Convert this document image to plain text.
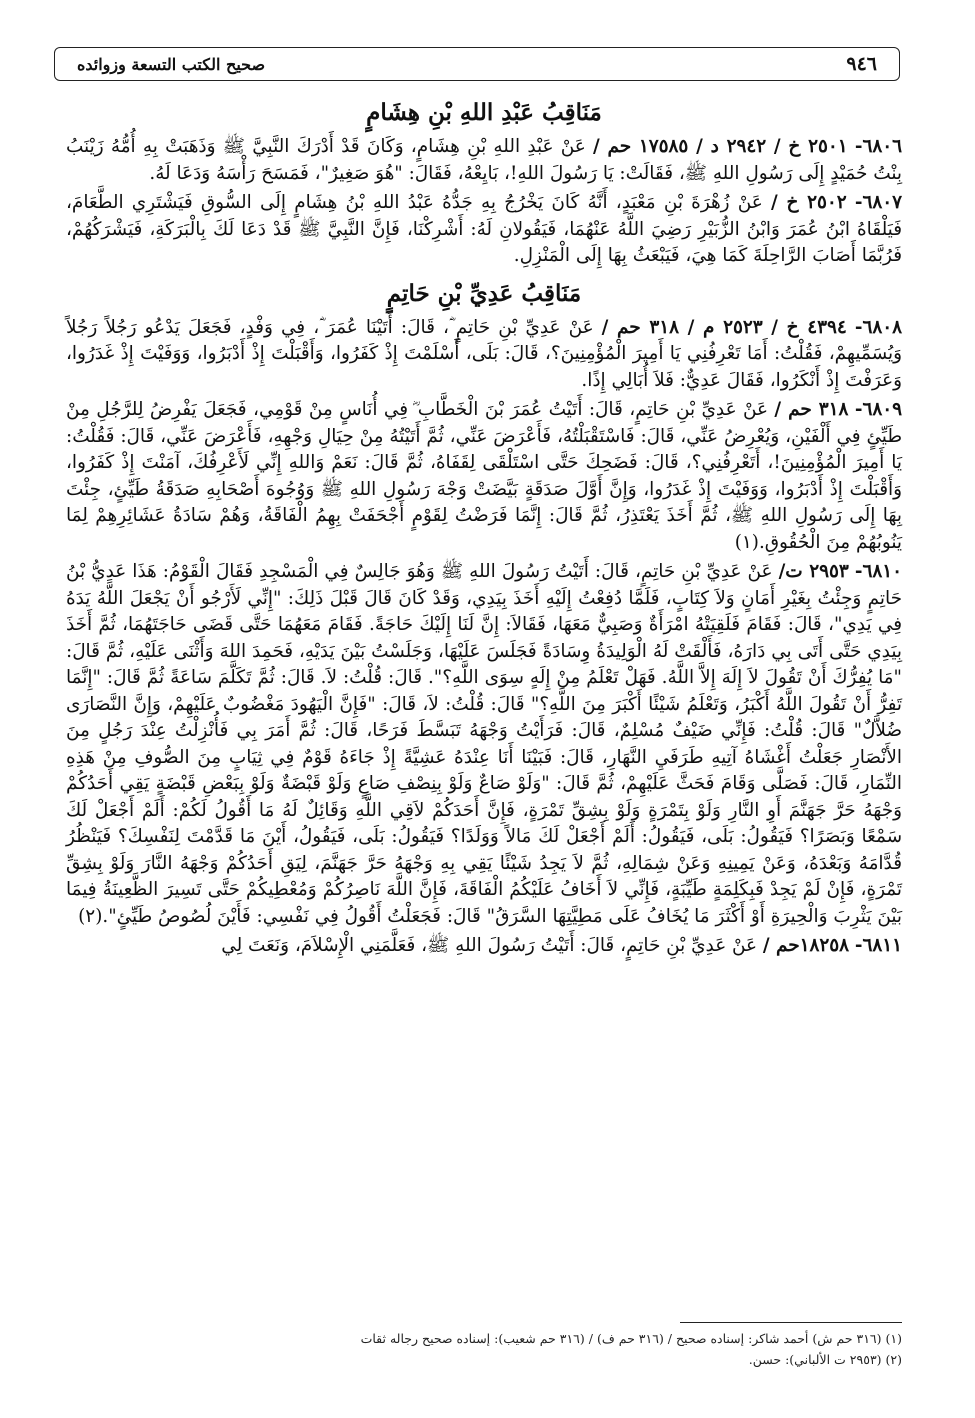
٩٤٦
صحيح الكتب التسعة وزوائده
مَنَاقِبُ عَبْدِ اللهِ بْنِ هِشَامٍ

٦٨٠٦- ٢٥٠١ خ / ٢٩٤٢ د / ١٧٥٨٥ حم / عَنْ عَبْدِ اللهِ بْنِ هِشَامٍ، وَكَانَ قَدْ أَدْرَكَ النَّبِيَّ ﷺ وَذَهَبَتْ بِهِ أُمُّهُ زَيْنَبُ بِنْتُ حُمَيْدٍ إِلَى رَسُولِ اللهِ ﷺ، فَقَالَتْ: يَا رَسُولَ اللهِ!، بَايِعْهُ، فَقَالَ: "هُوَ صَغِيرٌ"، فَمَسَحَ رَأْسَهُ وَدَعَا لَهُ.

٦٨٠٧- ٢٥٠٢ خ / عَنْ زُهْرَةَ بْنِ مَعْبَدٍ، أَنَّهُ كَانَ يَخْرُجُ بِهِ جَدُّهُ عَبْدُ اللهِ بْنُ هِشَامٍ إِلَى السُّوقِ فَيَشْتَرِي الطَّعَامَ، فَيَلْقَاهُ ابْنُ عُمَرَ وَابْنُ الزُّبَيْرِ رَضِيَ اللَّهُ عَنْهُمَا، فَيَقُولانِ لَهُ: أَشْرِكْنَا، فَإِنَّ النَّبِيَّ ﷺ قَدْ دَعَا لَكَ بِالْبَرَكَةِ، فَيَشْرَكُهُمْ، فَرُبَّمَا أَصَابَ الرَّاحِلَةَ كَمَا هِيَ، فَيَبْعَثُ بِهَا إِلَى الْمَنْزِلِ.

مَنَاقِبُ عَدِيِّ بْنِ حَاتِمٍ

٦٨٠٨- ٤٣٩٤ خ / ٢٥٢٣ م / ٣١٨ حم / عَنْ عَدِيِّ بْنِ حَاتِمٍ ؓ، قَالَ: أَتَيْنَا عُمَرَ ؓ، فِي وَفْدٍ، فَجَعَلَ يَدْعُو رَجُلاً رَجُلاً وَيُسَمِّيهِمْ، فَقُلْتُ: أَمَا تَعْرِفُنِي يَا أَمِيرَ الْمُؤْمِنِينَ؟، قَالَ: بَلَى، أَسْلَمْتَ إِذْ كَفَرُوا، وَأَقْبَلْتَ إِذْ أَدْبَرُوا، وَوَفَيْتَ إِذْ غَدَرُوا، وَعَرَفْتَ إِذْ أَنْكَرُوا، فَقَالَ عَدِيٌّ: فَلاَ أُبَالِي إِذًا.

٦٨٠٩- ٣١٨ حم / عَنْ عَدِيِّ بْنِ حَاتِمٍ، قَالَ: أَتَيْتُ عُمَرَ بْنَ الْخَطَّابِ ؓ فِي أُنَاسٍ مِنْ قَوْمِي، فَجَعَلَ يَفْرِضُ لِلرَّجُلِ مِنْ طَيِّئٍ فِي أَلْفَيْنِ، وَيُعْرِضُ عَنِّي، قَالَ: فَاسْتَقْبَلْتُهُ، فَأَعْرَضَ عَنِّي، ثُمَّ أَتَيْتُهُ مِنْ حِيَالِ وَجْهِهِ، فَأَعْرَضَ عَنِّي، قَالَ: فَقُلْتُ: يَا أَمِيرَ الْمُؤْمِنِينَ!، أَتَعْرِفُنِي؟، قَالَ: فَضَحِكَ حَتَّى اسْتَلْقَى لِقَفَاهُ، ثُمَّ قَالَ: نَعَمْ وَاللهِ إِنِّي لَأَعْرِفُكَ، آمَنْتَ إِذْ كَفَرُوا، وَأَقْبَلْتَ إِذْ أَدْبَرُوا، وَوَفَيْتَ إِذْ غَدَرُوا، وَإِنَّ أَوَّلَ صَدَقَةٍ بَيَّضَتْ وَجْهَ رَسُولِ اللهِ ﷺ وَوُجُوهَ أَصْحَابِهِ صَدَقَةُ طَيِّئٍ، جِئْتَ بِهَا إِلَى رَسُولِ اللهِ ﷺ، ثُمَّ أَخَذَ يَعْتَذِرُ، ثُمَّ قَالَ: إِنَّمَا فَرَضْتُ لِقَوْمٍ أَجْحَفَتْ بِهِمُ الْفَاقَةُ، وَهُمْ سَادَةُ عَشَائِرِهِمْ لِمَا يَنُوبُهُمْ مِنَ الْحُقُوقِ.(١)

٦٨١٠- ٢٩٥٣ ت/ عَنْ عَدِيِّ بْنِ حَاتِمٍ، قَالَ: أَتَيْتُ رَسُولَ اللهِ ﷺ وَهُوَ جَالِسٌ فِي الْمَسْجِدِ فَقَالَ الْقَوْمُ: هَذَا عَدِيُّ بْنُ حَاتِمٍ وَجِئْتُ بِغَيْرِ أَمَانٍ وَلاَ كِتَابٍ، فَلَمَّا دُفِعْتُ إِلَيْهِ أَخَذَ بِيَدِي، وَقَدْ كَانَ قَالَ قَبْلَ ذَلِكَ: "إِنِّي لَأَرْجُو أَنْ يَجْعَلَ اللَّهُ يَدَهُ فِي يَدِي"، قَالَ: فَقَامَ فَلَقِيَتْهُ امْرَأَةٌ وَصَبِيٌّ مَعَهَا، فَقَالاَ: إِنَّ لَنَا إِلَيْكَ حَاجَةً. فَقَامَ مَعَهُمَا حَتَّى قَضَى حَاجَتَهُمَا، ثُمَّ أَخَذَ بِيَدِي حَتَّى أَتَى بِي دَارَهُ، فَأَلْقَتْ لَهُ الْوَلِيدَةُ وِسَادَةً فَجَلَسَ عَلَيْهَا، وَجَلَسْتُ بَيْنَ يَدَيْهِ، فَحَمِدَ اللهَ وَأَثْنَى عَلَيْهِ، ثُمَّ قَالَ: "مَا يُفِرُّكَ أَنْ تَقُولَ لاَ إِلَهَ إِلاَّ اللَّهُ. فَهَلْ تَعْلَمُ مِنْ إِلَهٍ سِوَى اللَّهِ؟". قَالَ: قُلْتُ: لاَ. قَالَ: ثُمَّ تَكَلَّمَ سَاعَةً ثُمَّ قَالَ: "إِنَّمَا تَفِرُّ أَنْ تَقُولَ اللَّهُ أَكْبَرُ، وَتَعْلَمُ شَيْئًا أَكْبَرَ مِنَ اللَّهِ؟" قَالَ: قُلْتُ: لاَ، قَالَ: "فَإِنَّ الْيَهُودَ مَغْضُوبٌ عَلَيْهِمْ، وَإِنَّ النَّصَارَى ضُلاَّلٌ" قَالَ: قُلْتُ: فَإِنِّي ضَيْفٌ مُسْلِمٌ، قَالَ: فَرَأَيْتُ وَجْهَهُ تَبَسَّطَ فَرَحًا، قَالَ: ثُمَّ أَمَرَ بِي فَأُنْزِلْتُ عِنْدَ رَجُلٍ مِنَ الأَنْصَارِ جَعَلْتُ أَغْشَاهُ آتِيهِ طَرَفَيِ النَّهَارِ، قَالَ: فَبَيْنَا أَنَا عِنْدَهُ عَشِيَّةً إِذْ جَاءَهُ قَوْمٌ فِي ثِيَابٍ مِنَ الصُّوفِ مِنْ هَذِهِ النِّمَارِ، قَالَ: فَصَلَّى وَقَامَ فَحَثَّ عَلَيْهِمْ، ثُمَّ قَالَ: "وَلَوْ صَاعٌ وَلَوْ بِنِصْفِ صَاعٍ وَلَوْ قَبْضَةٌ وَلَوْ بِبَعْضِ قَبْضَةٍ يَقِي أَحَدُكُمْ وَجْهَهُ حَرَّ جَهَنَّمَ أَوِ النَّارِ وَلَوْ بِتَمْرَةٍ وَلَوْ بِشِقِّ تَمْرَةٍ، فَإِنَّ أَحَدَكُمْ لاَقِي اللَّهِ وَقَائِلٌ لَهُ مَا أَقُولُ لَكُمْ: أَلَمْ أَجْعَلْ لَكَ سَمْعًا وَبَصَرًا؟ فَيَقُولُ: بَلَى، فَيَقُولُ: أَلَمْ أَجْعَلْ لَكَ مَالاً وَوَلَدًا؟ فَيَقُولُ: بَلَى، فَيَقُولُ، أَيْنَ مَا قَدَّمْتَ لِنَفْسِكَ؟ فَيَنْظُرُ قُدَّامَهُ وَبَعْدَهُ، وَعَنْ يَمِينِهِ وَعَنْ شِمَالِهِ، ثُمَّ لاَ يَجِدُ شَيْئًا يَقِي بِهِ وَجْهَهُ حَرَّ جَهَنَّمَ، لِيَقِ أَحَدُكُمْ وَجْهَهُ النَّارَ وَلَوْ بِشِقِّ تَمْرَةٍ، فَإِنْ لَمْ يَجِدْ فَبِكَلِمَةٍ طَيِّبَةٍ، فَإِنِّي لاَ أَخَافُ عَلَيْكُمُ الْفَاقَةَ، فَإِنَّ اللَّهَ نَاصِرُكُمْ وَمُعْطِيكُمْ حَتَّى تَسِيرَ الظَّعِينَةُ فِيمَا بَيْنَ يَثْرِبَ وَالْحِيرَةِ أَوْ أَكْثَرَ مَا يُخَافُ عَلَى مَطِيَّتِهَا السَّرَقُ" قَالَ: فَجَعَلْتُ أَقُولُ فِي نَفْسِي: فَأَيْنَ لُصُوصُ طَيِّئٍ".(٢)

٦٨١١- ١٨٢٥٨حم / عَنْ عَدِيِّ بْنِ حَاتِمٍ، قَالَ: أَتَيْتُ رَسُولَ اللهِ ﷺ، فَعَلَّمَنِي الْإِسْلاَمَ، وَنَعَتَ لِي

(١) (٣١٦ حم ش) أحمد شاكر: إسناده صحيح / (٣١٦ حم ف) / (٣١٦ حم شعيب): إسناده صحيح رجاله ثقات
(٢) (٢٩٥٣ ت الألباني): حسن.
